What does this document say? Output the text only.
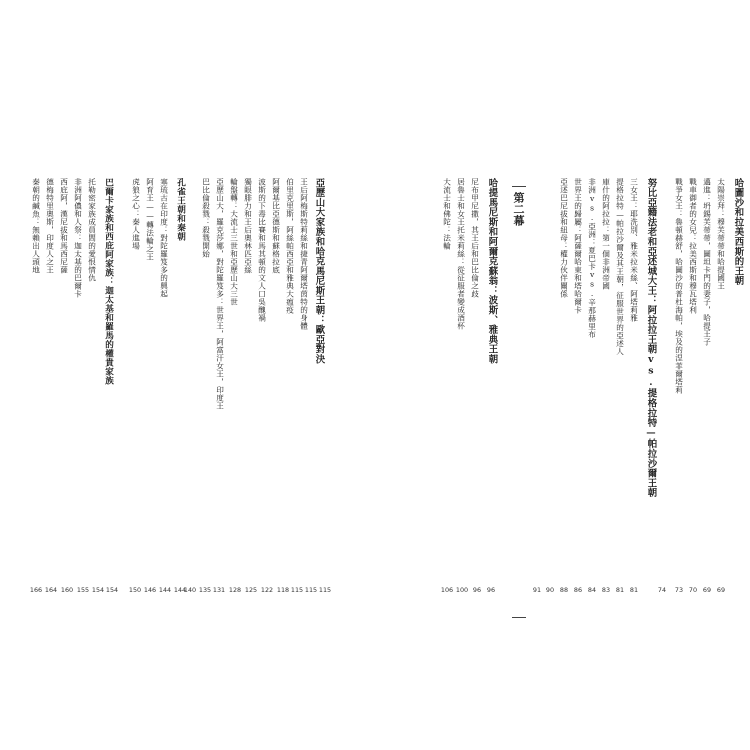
哈圖沙和拉美西斯的王朝
太陽崇拜：穆芙蒂蒂和哈提國王
邁進：坍錫芙蒂蒂，圖坦卡門的妻子，哈提王子
戰車御者的女兒：拉美西斯和穆瓦塔利
戰爭女王：魯頓赫舒，哈圖沙的普杜海帕，埃及的涅菲爾塔莉
努比亞籍法老和亞述城大王：阿拉拉王朝vs.提格拉特—帕拉沙爾王朝
三女王：耶洗別、雅米拉米絲、阿塔莉雅
提格拉特—帕拉沙爾及其王朝，征服世界的亞述人
庫什的阿拉拉：第一個非洲帝國
非洲vs.亞洲：夏巴卡vs.辛那赫里布
世界王的歸屬：阿薩爾哈東和塔哈爾卡
亞述巴尼拔和紐母：權力伙伴關係
69
69
70
73
74
81
81
83
84
86
88
90
91
第二幕
哈提馬尼斯和阿爾克蘇翁：波斯、雅典王朝
尼布甲尼撒，其王后和巴比倫之歧
居魯士和女王托米莉絲：從征服者變成酒杯
大流士和佛陀：法輪
96
96
100
106
亞歷山大家族和哈克馬尼斯王朝：歐亞對決
王后阿梅斯特莉絲和捷青阿爾塔茵特的身體
伯里克里斯，阿絲帕西亞和雅典大瘟疫
阿爾基比亞德斯和蘇格拉底
波斯的下毒比賽和馬其頓的文人口吳醜禍
獨眼腓力和王后奧林匹亞絲
輪盤轉：大流士三世和亞歷山大三世
亞歷山大，羅克莎娜，對陀羅笈多：世界王，阿富汗女王，印度王
巴比倫殺戮：殺戮開始
115
115
115
118
122
125
128
131
135
140
孔雀王朝和秦朝
塞琉古在印度：對陀羅笈多的興起
阿育王——轉法輪之王
虎狼之心：秦人進場
144
144
146
150
巴爾卡家族和西庇阿家族：迦太基和羅馬的權貴家族
托勒密家族成員間的愛恨情仇
非洲阿儂和人祭：迦太基的巴爾卡
西庇阿，漢尼拔和馬西尼薩
德梅特里奧斯，印度人之王
秦朝的鹹魚：無賴出人頭地
154
154
155
160
164
166
